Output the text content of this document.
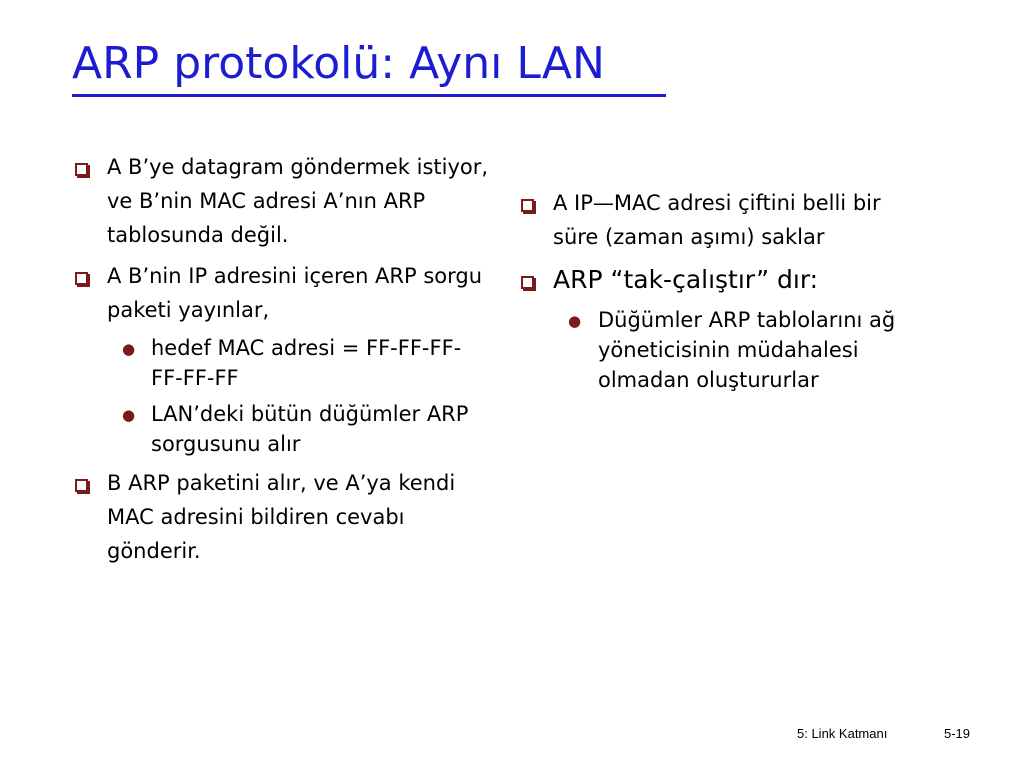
ARP protokolü: Aynı LAN
A B’ye datagram göndermek istiyor, ve B’nin MAC adresi A’nın ARP tablosunda değil.
A B’nin IP adresini içeren ARP sorgu paketi yayınlar,
● hedef MAC adresi = FF-FF-FF-FF-FF-FF
● LAN’deki bütün düğümler ARP sorgusunu alır
B ARP paketini alır, ve A’ya kendi MAC adresini bildiren cevabı gönderir.
A IP—MAC adresi çiftini belli bir süre (zaman aşımı) saklar
ARP “tak-çalıştır” dır:
● Düğümler ARP tablolarını ağ yöneticisinin müdahalesi olmadan oluştururlar
5: Link Katmanı	5-19
